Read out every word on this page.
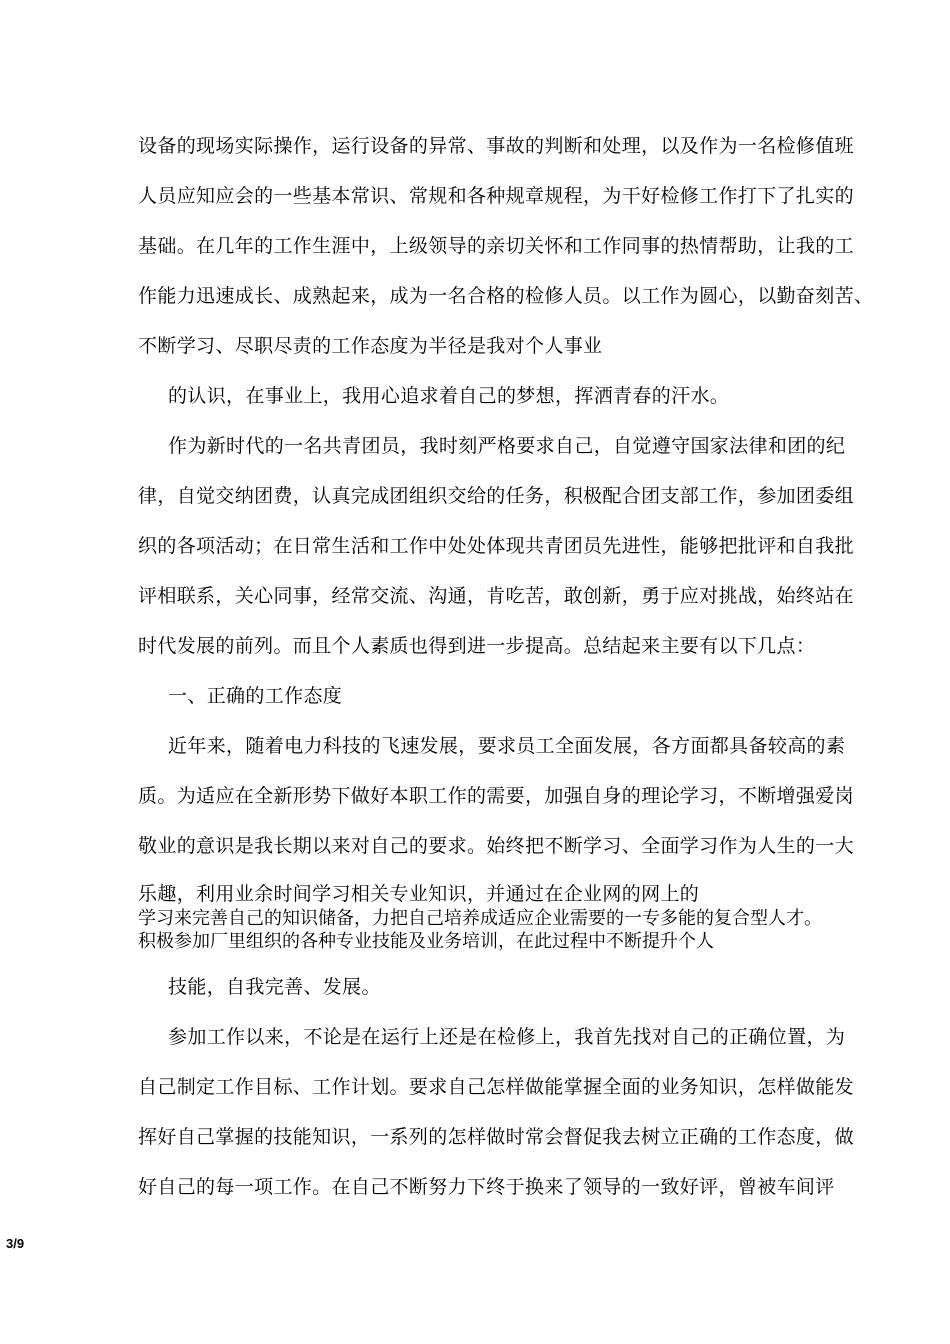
设备的现场实际操作，运行设备的异常、事故的判断和处理，以及作为一名检修值班
人员应知应会的一些基本常识、常规和各种规章规程，为干好检修工作打下了扎实的
基础。在几年的工作生涯中，上级领导的亲切关怀和工作同事的热情帮助，让我的工
作能力迅速成长、成熟起来，成为一名合格的检修人员。以工作为圆心，以勤奋刻苦、
不断学习、尽职尽责的工作态度为半径是我对个人事业
的认识，在事业上，我用心追求着自己的梦想，挥洒青春的汗水。
作为新时代的一名共青团员，我时刻严格要求自己，自觉遵守国家法律和团的纪
律，自觉交纳团费，认真完成团组织交给的任务，积极配合团支部工作，参加团委组
织的各项活动；在日常生活和工作中处处体现共青团员先进性，能够把批评和自我批
评相联系，关心同事，经常交流、沟通，肯吃苦，敢创新，勇于应对挑战，始终站在
时代发展的前列。而且个人素质也得到进一步提高。总结起来主要有以下几点：
一、正确的工作态度
近年来，随着电力科技的飞速发展，要求员工全面发展，各方面都具备较高的素
质。为适应在全新形势下做好本职工作的需要，加强自身的理论学习，不断增强爱岗
敬业的意识是我长期以来对自己的要求。始终把不断学习、全面学习作为人生的一大
乐趣，利用业余时间学习相关专业知识，并通过在企业网的网上的
学习来完善自己的知识储备，力把自己培养成适应企业需要的一专多能的复合型人才。
积极参加厂里组织的各种专业技能及业务培训，在此过程中不断提升个人
技能，自我完善、发展。
参加工作以来，不论是在运行上还是在检修上，我首先找对自己的正确位置，为
自己制定工作目标、工作计划。要求自己怎样做能掌握全面的业务知识，怎样做能发
挥好自己掌握的技能知识，一系列的怎样做时常会督促我去树立正确的工作态度，做
好自己的每一项工作。在自己不断努力下终于换来了领导的一致好评，曾被车间评
3/9
